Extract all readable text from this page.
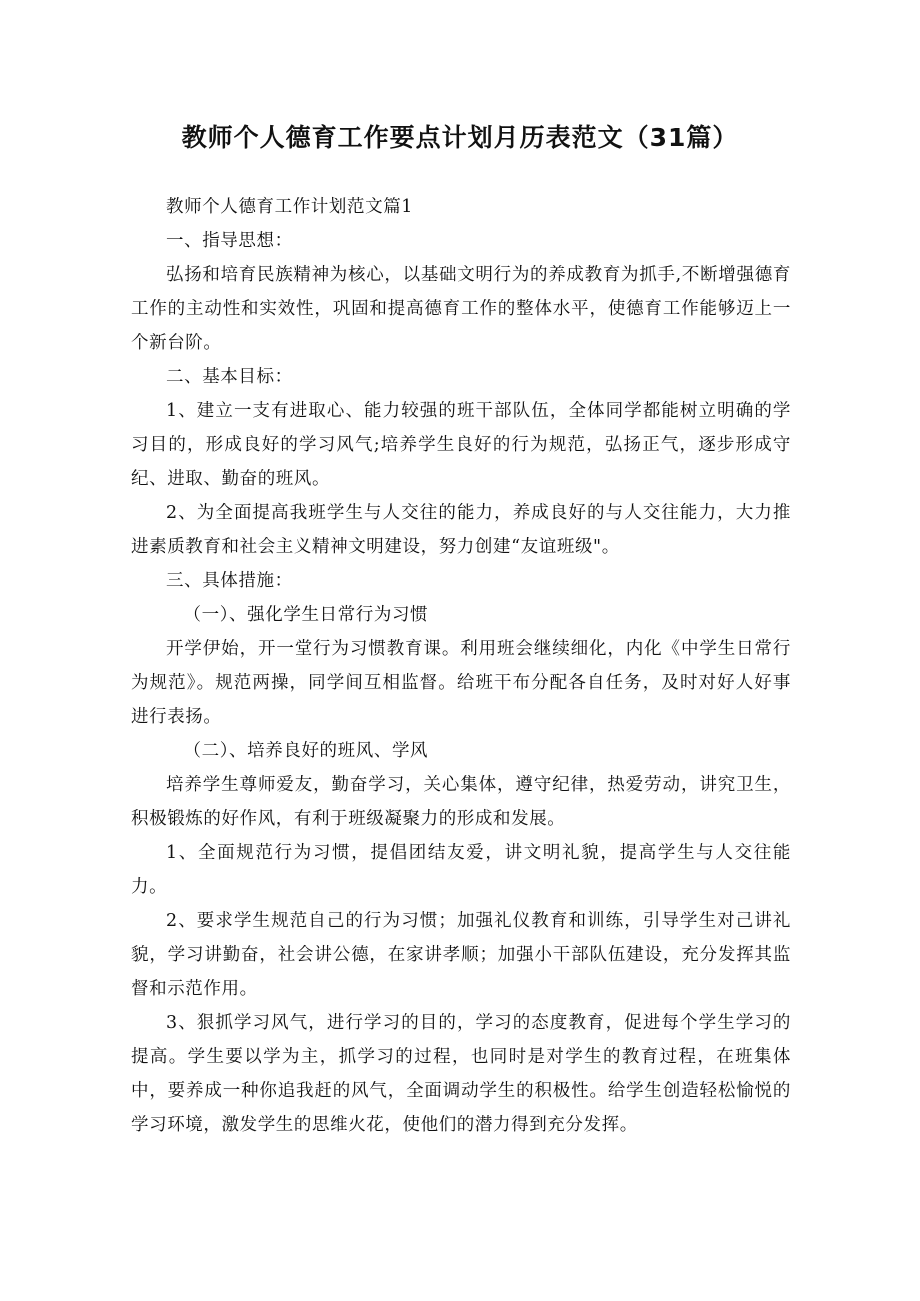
教师个人德育工作要点计划月历表范文（31篇）

教师个人德育工作计划范文篇1

一、指导思想：

弘扬和培育民族精神为核心，以基础文明行为的养成教育为抓手,不断增强德育工作的主动性和实效性，巩固和提高德育工作的整体水平，使德育工作能够迈上一个新台阶。

二、基本目标：

1、建立一支有进取心、能力较强的班干部队伍，全体同学都能树立明确的学习目的，形成良好的学习风气;培养学生良好的行为规范，弘扬正气，逐步形成守纪、进取、勤奋的班风。

2、为全面提高我班学生与人交往的能力，养成良好的与人交往能力，大力推进素质教育和社会主义精神文明建设，努力创建“友谊班级"。

三、具体措施：

（一）、强化学生日常行为习惯

开学伊始，开一堂行为习惯教育课。利用班会继续细化，内化《中学生日常行为规范》。规范两操，同学间互相监督。给班干布分配各自任务，及时对好人好事进行表扬。

（二）、培养良好的班风、学风

培养学生尊师爱友，勤奋学习，关心集体，遵守纪律，热爱劳动，讲究卫生，积极锻炼的好作风，有利于班级凝聚力的形成和发展。

1、全面规范行为习惯，提倡团结友爱，讲文明礼貌，提高学生与人交往能力。

2、要求学生规范自己的行为习惯；加强礼仪教育和训练，引导学生对己讲礼貌，学习讲勤奋，社会讲公德，在家讲孝顺；加强小干部队伍建设，充分发挥其监督和示范作用。

3、狠抓学习风气，进行学习的目的，学习的态度教育，促进每个学生学习的提高。学生要以学为主，抓学习的过程，也同时是对学生的教育过程，在班集体中，要养成一种你追我赶的风气，全面调动学生的积极性。给学生创造轻松愉悦的学习环境，激发学生的思维火花，使他们的潜力得到充分发挥。
